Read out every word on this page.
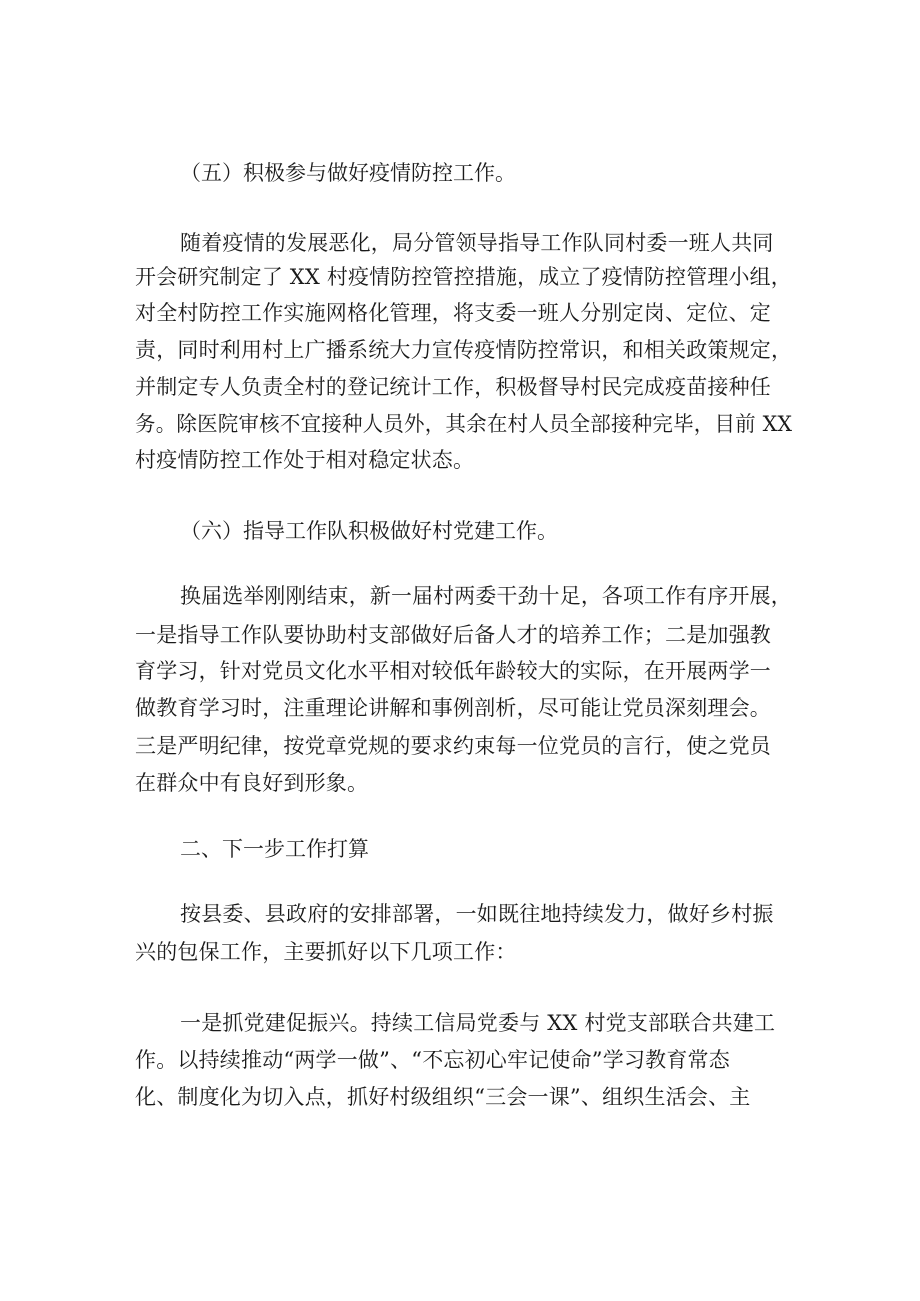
（五）积极参与做好疫情防控工作。
随着疫情的发展恶化，局分管领导指导工作队同村委一班人共同
开会研究制定了 XX 村疫情防控管控措施，成立了疫情防控管理小组，
对全村防控工作实施网格化管理，将支委一班人分别定岗、定位、定
责，同时利用村上广播系统大力宣传疫情防控常识，和相关政策规定，
并制定专人负责全村的登记统计工作，积极督导村民完成疫苗接种任
务。除医院审核不宜接种人员外，其余在村人员全部接种完毕，目前 XX
村疫情防控工作处于相对稳定状态。
（六）指导工作队积极做好村党建工作。
换届选举刚刚结束，新一届村两委干劲十足，各项工作有序开展，
一是指导工作队要协助村支部做好后备人才的培养工作；二是加强教
育学习，针对党员文化水平相对较低年龄较大的实际，在开展两学一
做教育学习时，注重理论讲解和事例剖析，尽可能让党员深刻理会。
三是严明纪律，按党章党规的要求约束每一位党员的言行，使之党员
在群众中有良好到形象。
二、下一步工作打算
按县委、县政府的安排部署，一如既往地持续发力，做好乡村振
兴的包保工作，主要抓好以下几项工作：
一是抓党建促振兴。持续工信局党委与 XX 村党支部联合共建工
作。以持续推动“两学一做”、“不忘初心牢记使命”学习教育常态
化、制度化为切入点，抓好村级组织“三会一课”、组织生活会、主
